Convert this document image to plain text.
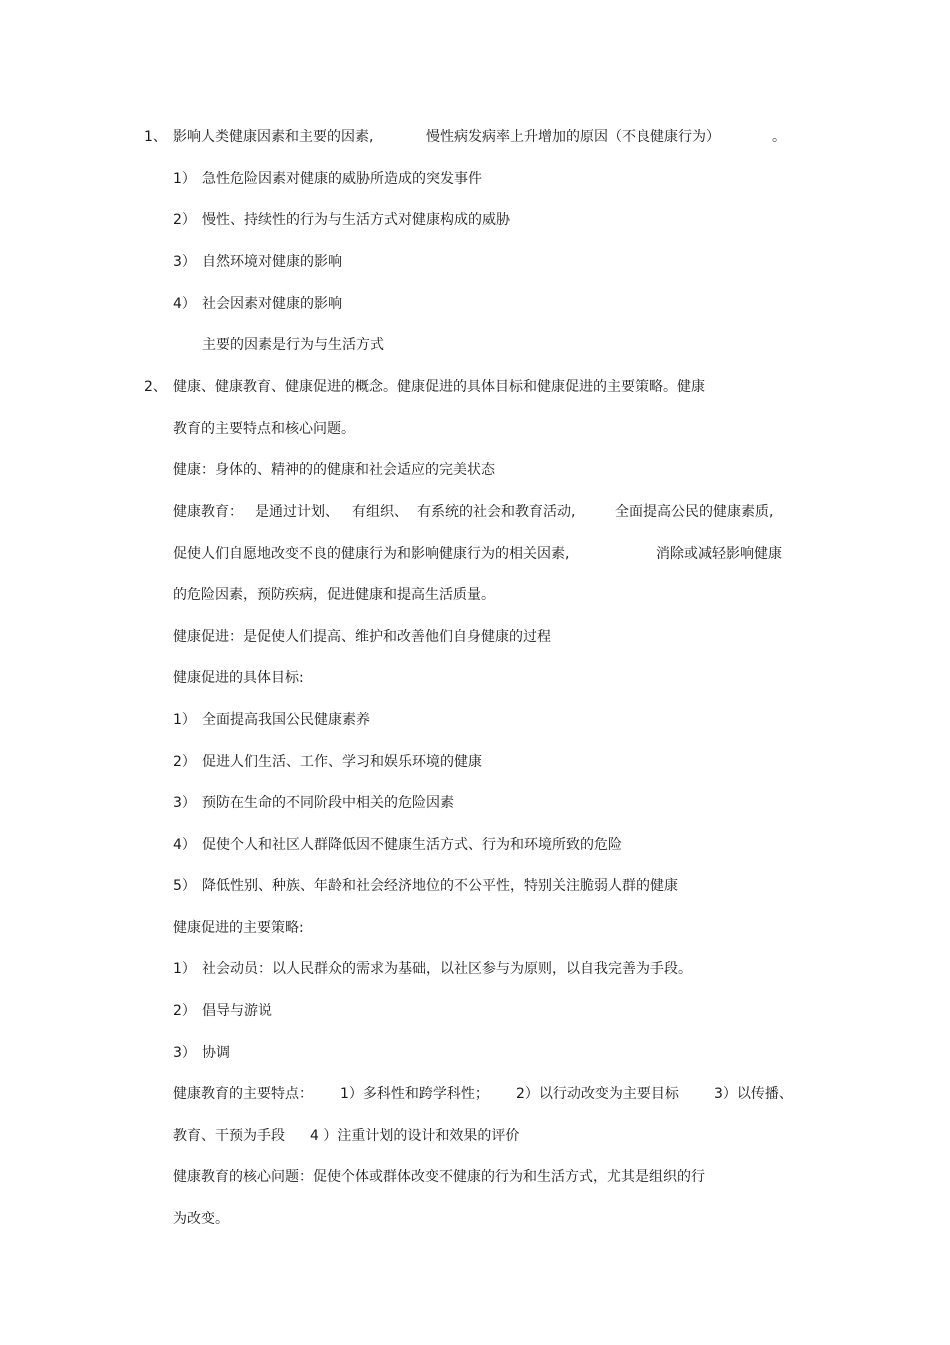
1、 影响人类健康因素和主要的因素,	慢性病发病率上升增加的原因（不良健康行为）	。
1） 急性危险因素对健康的威胁所造成的突发事件
2） 慢性、持续性的行为与生活方式对健康构成的威胁
3） 自然环境对健康的影响
4） 社会因素对健康的影响
主要的因素是行为与生活方式
2、 健康、健康教育、健康促进的概念。健康促进的具体目标和健康促进的主要策略。健康
教育的主要特点和核心问题。
健康：身体的、精神的的健康和社会适应的完美状态
健康教育： 是通过计划、 有组织、 有系统的社会和教育活动,	全面提高公民的健康素质,
促使人们自愿地改变不良的健康行为和影响健康行为的相关因素,	消除或减轻影响健康
的危险因素，预防疾病，促进健康和提高生活质量。
健康促进：是促使人们提高、维护和改善他们自身健康的过程
健康促进的具体目标:
1） 全面提高我国公民健康素养
2） 促进人们生活、工作、学习和娱乐环境的健康
3） 预防在生命的不同阶段中相关的危险因素
4） 促使个人和社区人群降低因不健康生活方式、行为和环境所致的危险
5） 降低性别、种族、年龄和社会经济地位的不公平性，特别关注脆弱人群的健康
健康促进的主要策略:
1） 社会动员：以人民群众的需求为基础，以社区参与为原则，以自我完善为手段。
2） 倡导与游说
3） 协调
健康教育的主要特点： 1）多科性和跨学科性； 2）以行动改变为主要目标	3）以传播、
教育、干预为手段 4 ）注重计划的设计和效果的评价
健康教育的核心问题：促使个体或群体改变不健康的行为和生活方式，尤其是组织的行
为改变。
